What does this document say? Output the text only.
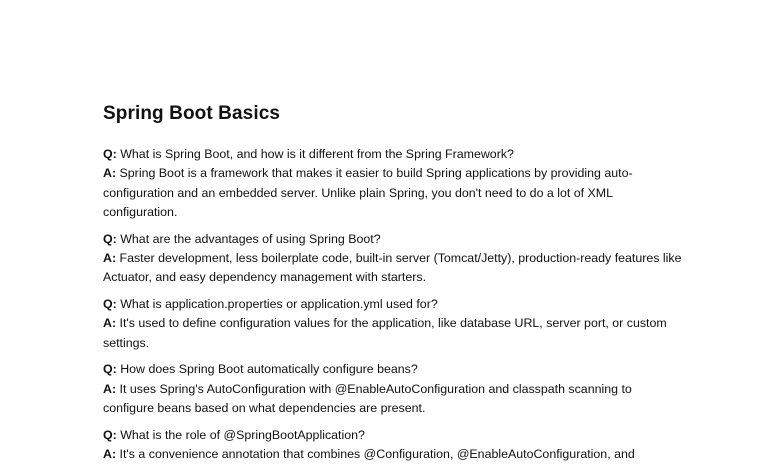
Spring Boot Basics

Q: What is Spring Boot, and how is it different from the Spring Framework?

A: Spring Boot is a framework that makes it easier to build Spring applications by providing auto-configuration and an embedded server. Unlike plain Spring, you don't need to do a lot of XML configuration.

Q: What are the advantages of using Spring Boot?

A: Faster development, less boilerplate code, built-in server (Tomcat/Jetty), production-ready features like Actuator, and easy dependency management with starters.

Q: What is application.properties or application.yml used for?

A: It's used to define configuration values for the application, like database URL, server port, or custom settings.

Q: How does Spring Boot automatically configure beans?

A: It uses Spring's AutoConfiguration with @EnableAutoConfiguration and classpath scanning to configure beans based on what dependencies are present.

Q: What is the role of @SpringBootApplication?

A: It's a convenience annotation that combines @Configuration, @EnableAutoConfiguration, and
